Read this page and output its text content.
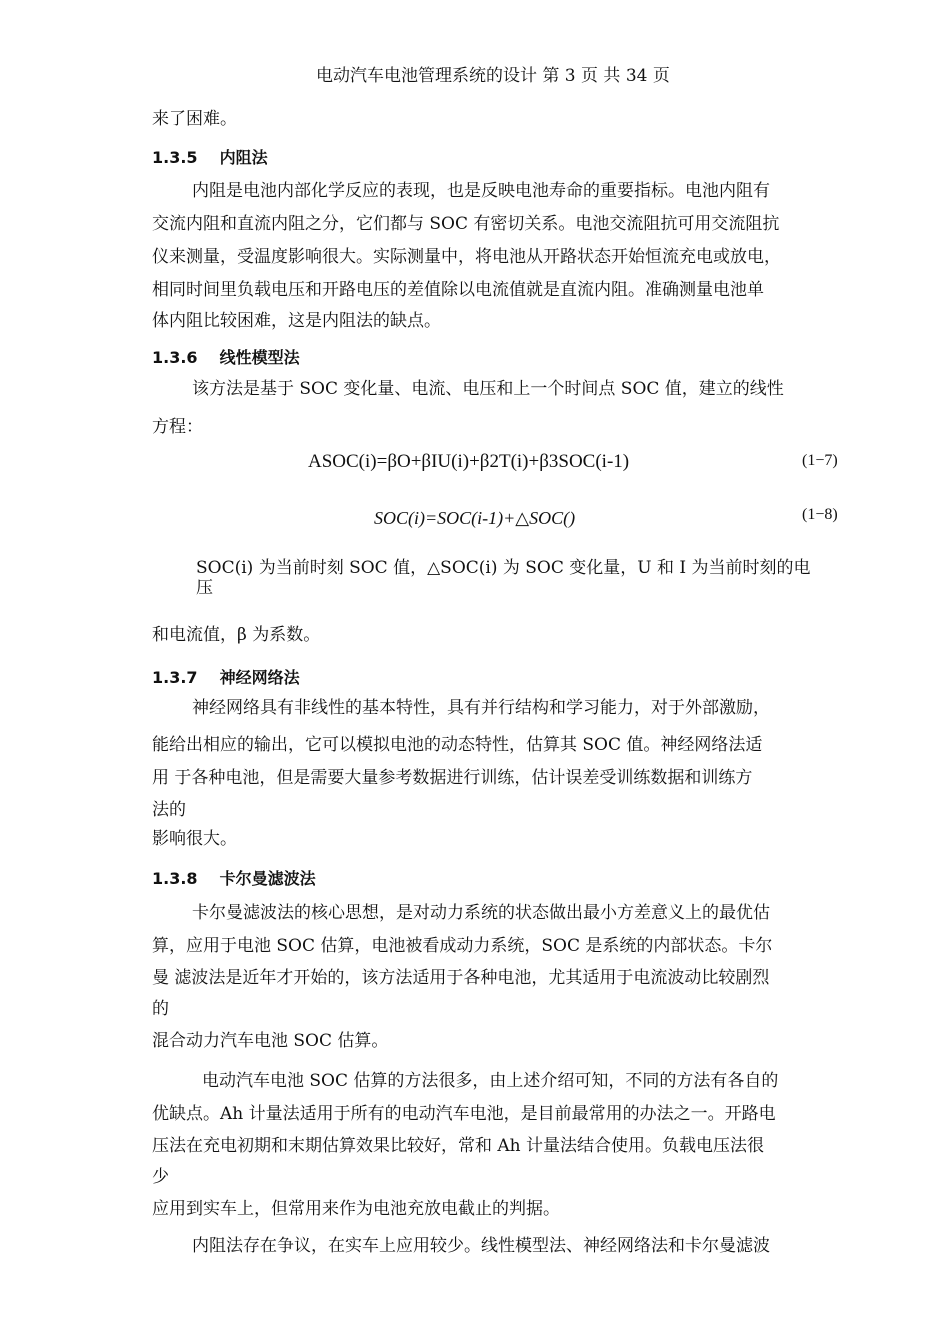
电动汽车电池管理系统的设计 第 3 页 共 34 页
来了困难。
1.3.5 内阻法
内阻是电池内部化学反应的表现，也是反映电池寿命的重要指标。电池内阻有
交流内阻和直流内阻之分，它们都与 SOC 有密切关系。电池交流阻抗可用交流阻抗
仪来测量，受温度影响很大。实际测量中，将电池从开路状态开始恒流充电或放电，
相同时间里负载电压和开路电压的差值除以电流值就是直流内阻。准确测量电池单
体内阻比较困难，这是内阻法的缺点。
1.3.6 线性模型法
该方法是基于 SOC 变化量、电流、电压和上一个时间点 SOC 值，建立的线性
方程：
ASOC(i)=βO+βIU(i)+β2T(i)+β3SOC(i-1)	(1−7)
SOC(i)=SOC(i-1)+△SOC()	(1−8)
SOC(i) 为当前时刻 SOC 值，△SOC(i) 为 SOC 变化量，U 和 I 为当前时刻的电
压
和电流值，β 为系数。
1.3.7 神经网络法
神经网络具有非线性的基本特性，具有并行结构和学习能力，对于外部激励，
能给出相应的输出，它可以模拟电池的动态特性，估算其 SOC 值。神经网络法适
用 于各种电池，但是需要大量参考数据进行训练，估计误差受训练数据和训练方
法的
影响很大。
1.3.8 卡尔曼滤波法
卡尔曼滤波法的核心思想，是对动力系统的状态做出最小方差意义上的最优估
算，应用于电池 SOC 估算，电池被看成动力系统，SOC 是系统的内部状态。卡尔
曼 滤波法是近年才开始的，该方法适用于各种电池，尤其适用于电流波动比较剧烈
的
混合动力汽车电池 SOC 估算。
电动汽车电池 SOC 估算的方法很多，由上述介绍可知，不同的方法有各自的
优缺点。Ah 计量法适用于所有的电动汽车电池，是目前最常用的办法之一。开路电
压法在充电初期和末期估算效果比较好，常和 Ah 计量法结合使用。负载电压法很
少
应用到实车上，但常用来作为电池充放电截止的判据。
内阻法存在争议，在实车上应用较少。线性模型法、神经网络法和卡尔曼滤波
